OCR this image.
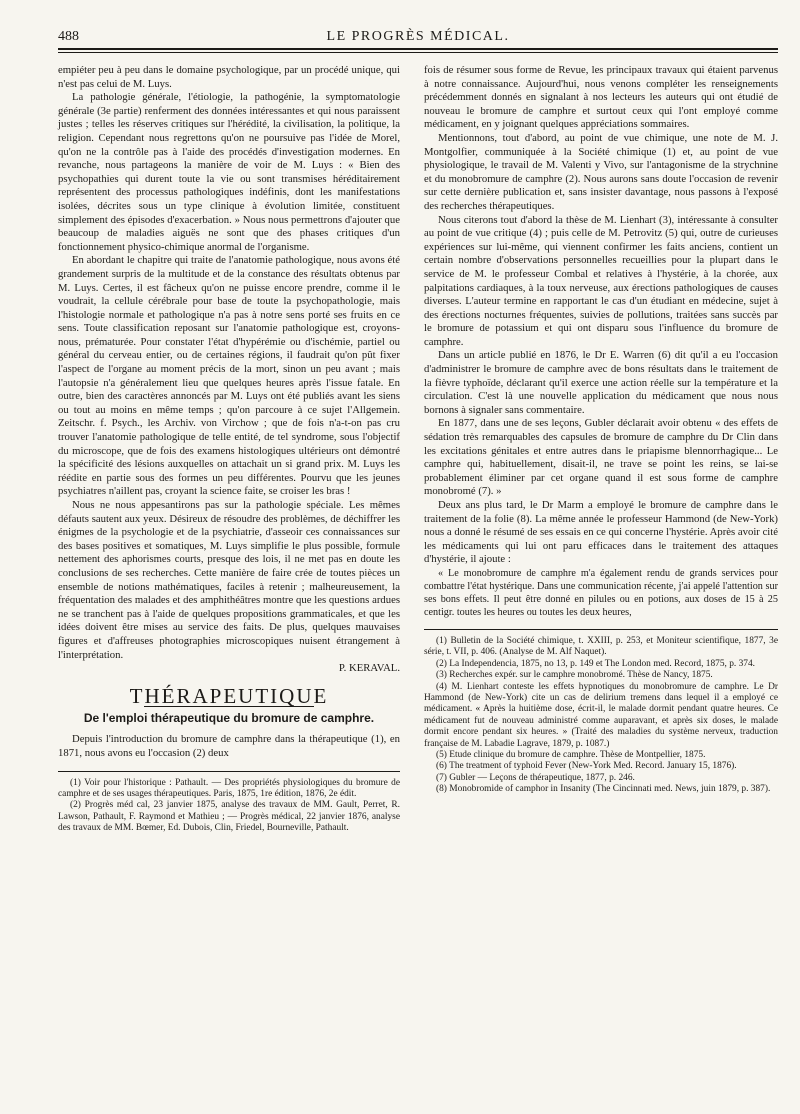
488	LE PROGRÈS MÉDICAL.

empiéter peu à peu dans le domaine psychologique, par un procédé unique, qui n'est pas celui de M. Luys.

La pathologie générale, l'étiologie, la pathogénie, la symptomatologie générale (3e partie) renferment des données intéressantes et qui nous paraissent justes ; telles les réserves critiques sur l'hérédité, la civilisation, la politique, la religion. Cependant nous regrettons qu'on ne poursuive pas l'idée de Morel, qu'on ne la contrôle pas à l'aide des procédés d'investigation modernes. En revanche, nous partageons la manière de voir de M. Luys : « Bien des psychopathies qui durent toute la vie ou sont transmises héréditairement représentent des processus pathologiques indéfinis, dont les manifestations isolées, décrites sous un type clinique à évolution limitée, constituent simplement des épisodes d'exacerbation. » Nous nous permettrons d'ajouter que beaucoup de maladies aiguës ne sont que des phases critiques d'un fonctionnement physico-chimique anormal de l'organisme.

En abordant le chapitre qui traite de l'anatomie pathologique, nous avons été grandement surpris de la multitude et de la constance des résultats obtenus par M. Luys. Certes, il est fâcheux qu'on ne puisse encore prendre, comme il le voudrait, la cellule cérébrale pour base de toute la psychopathologie, mais l'histologie normale et pathologique n'a pas à notre sens porté ses fruits en ce sens. Toute classification reposant sur l'anatomie pathologique est, croyons-nous, prématurée. Pour constater l'état d'hypérémie ou d'ischémie, partiel ou général du cerveau entier, ou de certaines régions, il faudrait qu'on pût fixer l'aspect de l'organe au moment précis de la mort, sinon un peu avant ; mais l'autopsie n'a généralement lieu que quelques heures après l'issue fatale. En outre, bien des caractères annoncés par M. Luys ont été publiés avant les siens ou tout au moins en même temps ; qu'on parcoure à ce sujet l'Allgemein. Zeitschr. f. Psych., les Archiv. von Virchow ; que de fois n'a-t-on pas cru trouver l'anatomie pathologique de telle entité, de tel syndrome, sous l'objectif du microscope, que de fois des examens histologiques ultérieurs ont démontré la spécificité des lésions auxquelles on attachait un si grand prix. M. Luys les réédite en partie sous des formes un peu différentes. Pourvu que les jeunes psychiatres n'aillent pas, croyant la science faite, se croiser les bras !

Nous ne nous appesantirons pas sur la pathologie spéciale. Les mêmes défauts sautent aux yeux. Désireux de résoudre des problèmes, de déchiffrer les énigmes de la psychologie et de la psychiatrie, d'asseoir ces connaissances sur des bases positives et somatiques, M. Luys simplifie le plus possible, formule nettement des aphorismes courts, presque des lois, il ne met pas en doute les conclusions de ses recherches. Cette manière de faire crée de toutes pièces un ensemble de notions mathématiques, faciles à retenir ; malheureusement, la fréquentation des malades et des amphithéâtres montre que les questions ardues ne se tranchent pas à l'aide de quelques propositions grammaticales, et que les idées doivent être mises au service des faits. De plus, quelques mauvaises figures et d'affreuses photographies microscopiques nuisent étrangement à l'interprétation.

P. KERAVAL.
THÉRAPEUTIQUE
De l'emploi thérapeutique du bromure de camphre.

Depuis l'introduction du bromure de camphre dans la thérapeutique (1), en 1871, nous avons eu l'occasion (2) deux

(1) Voir pour l'historique : Pathault. — Des propriétés physiologiques du bromure de camphre et de ses usages thérapeutiques. Paris, 1875, 1re édition, 1876, 2e édit.
(2) Progrès méd cal, 23 janvier 1875, analyse des travaux de MM. Gault, Perret, R. Lawson, Pathault, F. Raymond et Mathieu ; — Progrès médical, 22 janvier 1876, analyse des travaux de MM. Bœmer, Ed. Dubois, Clin, Friedel, Bourneville, Pathault.

fois de résumer sous forme de Revue, les principaux travaux qui étaient parvenus à notre connaissance. Aujourd'hui, nous venons compléter les renseignements précédemment donnés en signalant à nos lecteurs les auteurs qui ont étudié de nouveau le bromure de camphre et surtout ceux qui l'ont employé comme médicament, en y joignant quelques appréciations sommaires.

Mentionnons, tout d'abord, au point de vue chimique, une note de M. J. Montgolfier, communiquée à la Société chimique (1) et, au point de vue physiologique, le travail de M. Valenti y Vivo, sur l'antagonisme de la strychnine et du monobromure de camphre (2). Nous aurons sans doute l'occasion de revenir sur cette dernière publication et, sans insister davantage, nous passons à l'exposé des recherches thérapeutiques.

Nous citerons tout d'abord la thèse de M. Lienhart (3), intéressante à consulter au point de vue critique (4) ; puis celle de M. Petrovitz (5) qui, outre de curieuses expériences sur lui-même, qui viennent confirmer les faits anciens, contient un certain nombre d'observations personnelles recueillies pour la plupart dans le service de M. le professeur Combal et relatives à l'hystérie, à la chorée, aux palpitations cardiaques, à la toux nerveuse, aux érections pathologiques de causes diverses. L'auteur termine en rapportant le cas d'un étudiant en médecine, sujet à des érections nocturnes fréquentes, suivies de pollutions, traitées sans succès par le bromure de potassium et qui ont disparu sous l'influence du bromure de camphre.

Dans un article publié en 1876, le Dr E. Warren (6) dit qu'il a eu l'occasion d'administrer le bromure de camphre avec de bons résultats dans le traitement de la fièvre typhoïde, déclarant qu'il exerce une action réelle sur la température et la circulation. C'est là une nouvelle application du médicament que nous nous bornons à signaler sans commentaire.

En 1877, dans une de ses leçons, Gubler déclarait avoir obtenu « des effets de sédation très remarquables des capsules de bromure de camphre du Dr Clin dans les excitations génitales et entre autres dans le priapisme blennorrhagique... Le camphre qui, habituellement, disait-il, ne trave se point les reins, se lai-se probablement éliminer par cet organe quand il est sous forme de camphre monobromé (7). »

Deux ans plus tard, le Dr Marm a employé le bromure de camphre dans le traitement de la folie (8). La même année le professeur Hammond (de New-York) nous a donné le résumé de ses essais en ce qui concerne l'hystérie. Après avoir cité les médicaments qui lui ont paru efficaces dans le traitement des attaques d'hystérie, il ajoute :

« Le monobromure de camphre m'a également rendu de grands services pour combattre l'état hystérique. Dans une communication récente, j'ai appelé l'attention sur ses bons effets. Il peut être donné en pilules ou en potions, aux doses de 15 à 25 centigr. toutes les heures ou toutes les deux heures,

(1) Bulletin de la Société chimique, t. XXIII, p. 253, et Moniteur scientifique, 1877, 3e série, t. VII, p. 406. (Analyse de M. Alf Naquet).
(2) La Independencia, 1875, no 13, p. 149 et The London med. Record, 1875, p. 374.
(3) Recherches expér. sur le camphre monobromé. Thèse de Nancy, 1875.
(4) M. Lienhart conteste les effets hypnotiques du monobromure de camphre. Le Dr Hammond (de New-York) cite un cas de delirium tremens dans lequel il a employé ce médicament. « Après la huitième dose, écrit-il, le malade dormit pendant quatre heures. Ce médicament fut de nouveau administré comme auparavant, et après six doses, le malade dormit encore pendant six heures. » (Traité des maladies du système nerveux, traduction française de M. Labadie Lagrave, 1879, p. 1087.)
(5) Etude clinique du bromure de camphre. Thèse de Montpellier, 1875.
(6) The treatment of typhoid Fever (New-York Med. Record. January 15, 1876).
(7) Gubler — Leçons de thérapeutique, 1877, p. 246.
(8) Monobromide of camphor in Insanity (The Cincinnati med. News, juin 1879, p. 387).
